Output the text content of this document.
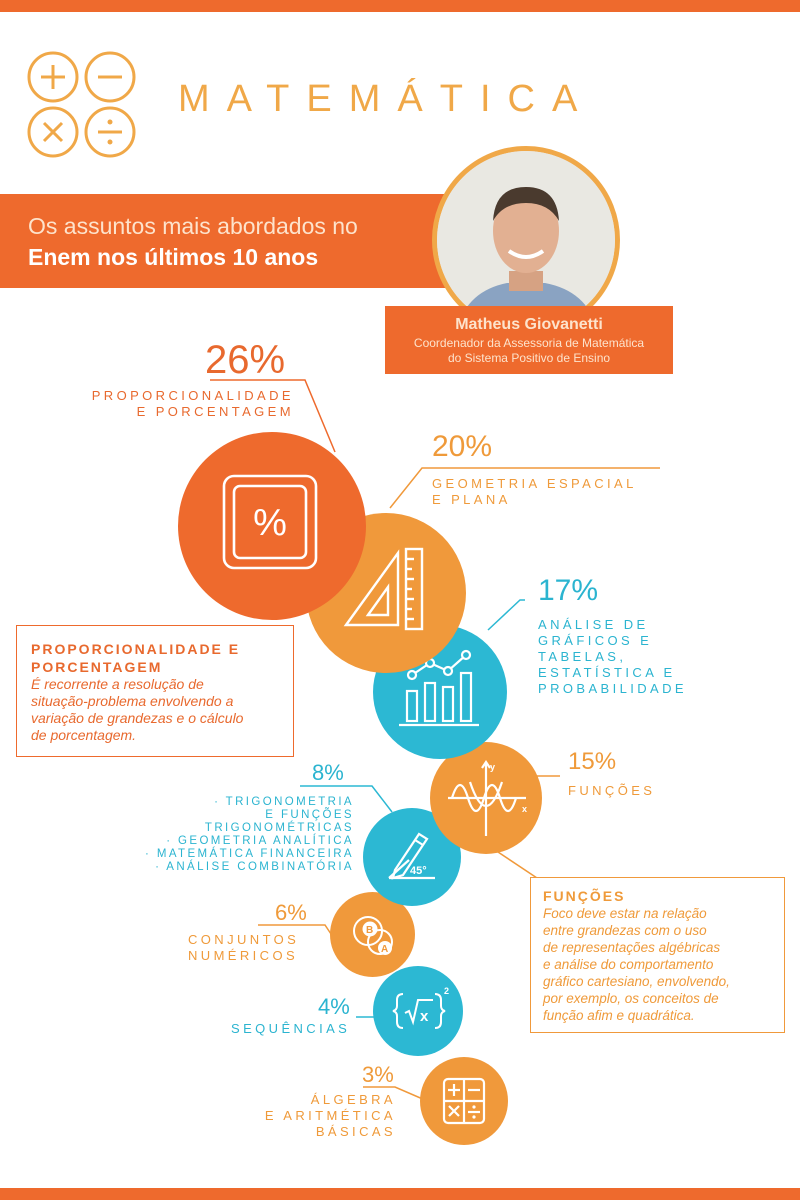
MATEMÁTICA
Os assuntos mais abordados no
Enem nos últimos 10 anos
Matheus Giovanetti
Coordenador da Assessoria de Matemática
do Sistema Positivo de Ensino
x
2
B
A
45°
y
x
%
26%
PROPORCIONALIDADE
E PORCENTAGEM
20%
GEOMETRIA ESPACIAL
E PLANA
17%
ANÁLISE DE
GRÁFICOS E
TABELAS,
ESTATÍSTICA E
PROBABILIDADE
15%
FUNÇÕES
8%
· TRIGONOMETRIA
E FUNÇÕES
TRIGONOMÉTRICAS
· GEOMETRIA ANALÍTICA
· MATEMÁTICA FINANCEIRA
· ANÁLISE COMBINATÓRIA
6%
CONJUNTOS
NUMÉRICOS
4%
SEQUÊNCIAS
3%
ÁLGEBRA
E ARITMÉTICA
BÁSICAS
PROPORCIONALIDADE E
PORCENTAGEM
É recorrente a resolução de
situação-problema envolvendo a
variação de grandezas e o cálculo
de porcentagem.
FUNÇÕES
Foco deve estar na relação
entre grandezas com o uso
de representações algébricas
e análise do comportamento
gráfico cartesiano, envolvendo,
por exemplo, os conceitos de
função afim e quadrática.
